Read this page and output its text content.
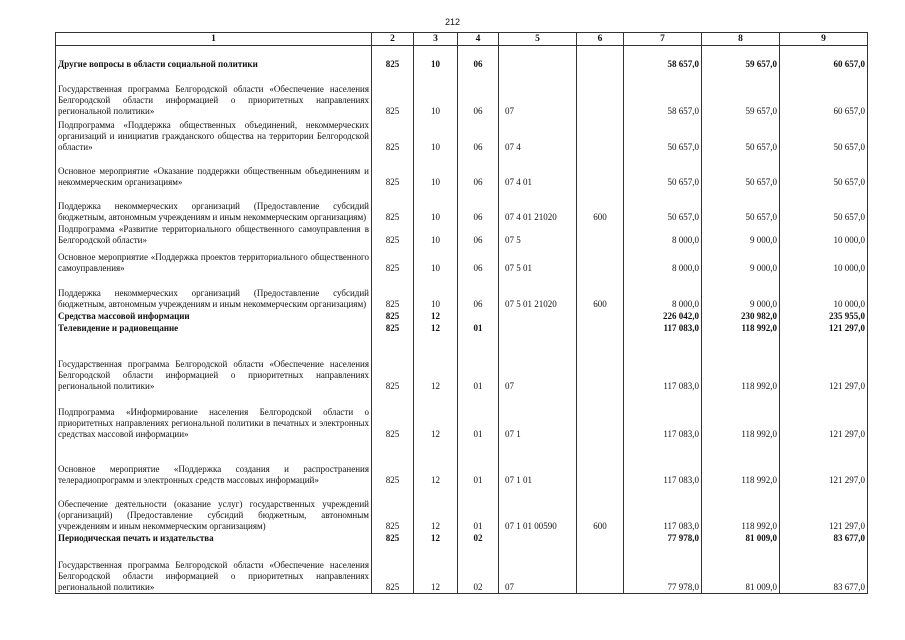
212
1	2	3	4	5	6	7	8	9
Другие вопросы в области социальной политики	825	10	06			58 657,0	59 657,0	60 657,0
Государственная программа Белгородской области «Обеспечение населения Белгородской области информацией о приоритетных направлениях региональной политики»	825	10	06	07		58 657,0	59 657,0	60 657,0
Подпрограмма «Поддержка общественных объединений, некоммерческих организаций и инициатив гражданского общества на территории Белгородской области»	825	10	06	07 4		50 657,0	50 657,0	50 657,0
Основное мероприятие «Оказание поддержки общественным объединениям и некоммерческим организациям»	825	10	06	07 4 01		50 657,0	50 657,0	50 657,0
Поддержка некоммерческих организаций (Предоставление субсидий бюджетным, автономным учреждениям и иным некоммерческим организациям)	825	10	06	07 4 01 21020	600	50 657,0	50 657,0	50 657,0
Подпрограмма «Развитие территориального общественного самоуправления в Белгородской области»	825	10	06	07 5		8 000,0	9 000,0	10 000,0
Основное мероприятие «Поддержка проектов территориального общественного самоуправления»	825	10	06	07 5 01		8 000,0	9 000,0	10 000,0
Поддержка некоммерческих организаций (Предоставление субсидий бюджетным, автономным учреждениям и иным некоммерческим организациям)	825	10	06	07 5 01 21020	600	8 000,0	9 000,0	10 000,0
Средства массовой информации	825	12				226 042,0	230 982,0	235 955,0
Телевидение и радиовещание	825	12	01			117 083,0	118 992,0	121 297,0
Государственная программа Белгородской области «Обеспечение населения Белгородской области информацией о приоритетных направлениях региональной политики»	825	12	01	07		117 083,0	118 992,0	121 297,0
Подпрограмма «Информирование населения Белгородской области о приоритетных направлениях региональной политики в печатных и электронных средствах массовой информации»	825	12	01	07 1		117 083,0	118 992,0	121 297,0
Основное мероприятие «Поддержка создания и распространения телерадиопрограмм и электронных средств массовых информаций»	825	12	01	07 1 01		117 083,0	118 992,0	121 297,0
Обеспечение деятельности (оказание услуг) государственных учреждений (организаций) (Предоставление субсидий бюджетным, автономным учреждениям и иным некоммерческим организациям)	825	12	01	07 1 01 00590	600	117 083,0	118 992,0	121 297,0
Периодическая печать и издательства	825	12	02			77 978,0	81 009,0	83 677,0
Государственная программа Белгородской области «Обеспечение населения Белгородской области информацией о приоритетных направлениях региональной политики»	825	12	02	07		77 978,0	81 009,0	83 677,0
